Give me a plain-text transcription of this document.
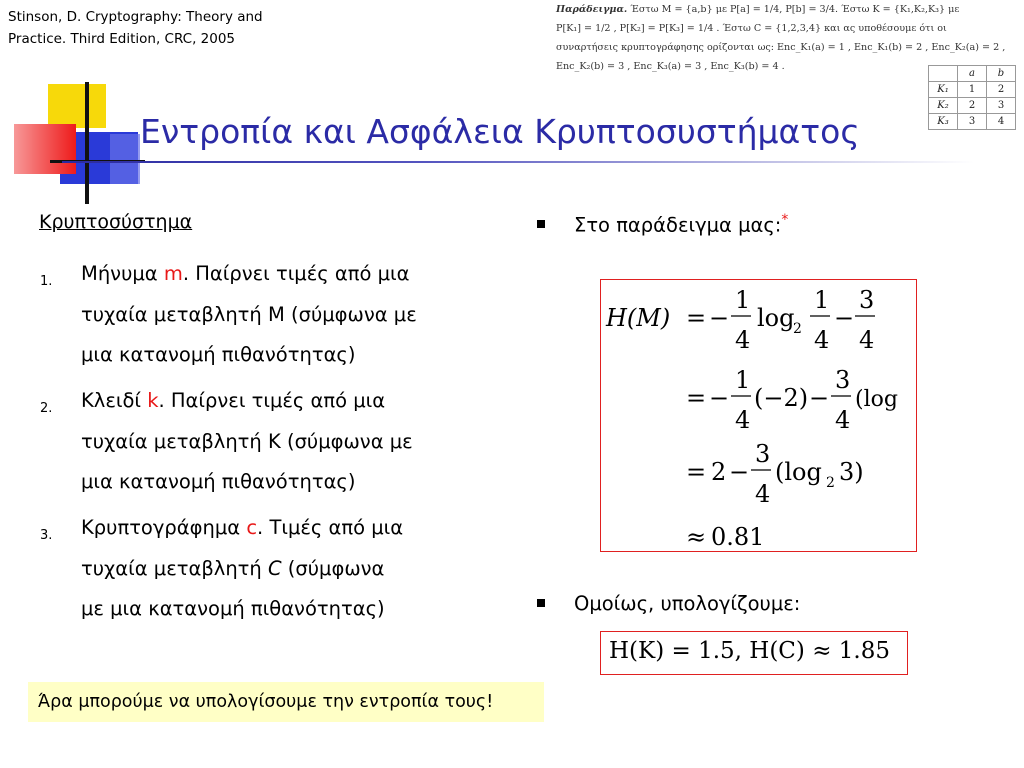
Stinson, D. Cryptography: Theory and
Practice. Third Edition, CRC, 2005
Εντροπία και Ασφάλεια Κρυπτοσυστήματος
Παράδειγμα. Έστω M = {a,b} με P[a] = 1/4, P[b] = 3/4. Έστω K = {K₁,K₂,K₃} με
P[K₁] = 1/2 , P[K₂] = P[K₃] = 1/4 . Έστω C = {1,2,3,4} και ας υποθέσουμε ότι οι
συναρτήσεις κρυπτογράφησης ορίζονται ως: Enc_K₁(a) = 1 , Enc_K₁(b) = 2 , Enc_K₂(a) = 2 ,
Enc_K₂(b) = 3 , Enc_K₃(a) = 3 , Enc_K₃(b) = 4 .
	a	b
K₁	1	2
K₂	2	3
K₃	3	4
Κρυπτοσύστημα
1. Μήνυμα m. Παίρνει τιμές από μια
τυχαία μεταβλητή M (σύμφωνα με
μια κατανομή πιθανότητας)
2. Κλειδί k. Παίρνει τιμές από μια
τυχαία μεταβλητή K (σύμφωνα με
μια κατανομή πιθανότητας)
3. Κρυπτογράφημα c. Τιμές από μια
τυχαία μεταβλητή C (σύμφωνα
με μια κατανομή πιθανότητας)
Άρα μπορούμε να υπολογίσουμε την εντροπία τους!
Στο παράδειγμα μας:*
H(M) = −
1
4
log
2
1
4
−
3
4
= −
1
4
(−2) −
3
4
(log
= 2 −
3
4
(log 2 3)
≈ 0.81
Ομοίως, υπολογίζουμε:
H(K) = 1.5, H(C) ≈ 1.85
